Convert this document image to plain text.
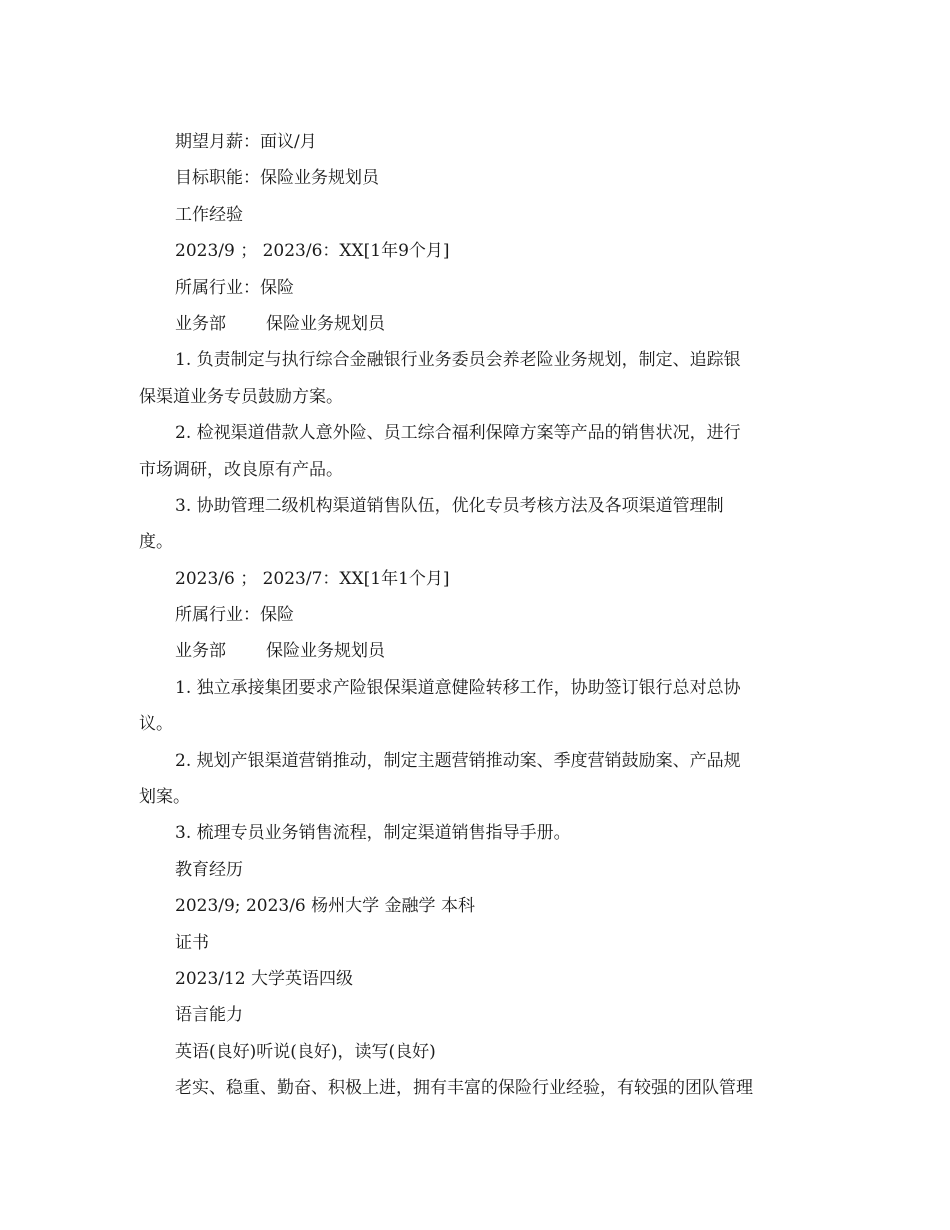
期望月薪：面议/月

目标职能：保险业务规划员

工作经验

2023/9 ； 2023/6：XX[1年9个月]

所属行业：保险

业务部 保险业务规划员

1. 负责制定与执行综合金融银行业务委员会养老险业务规划，制定、追踪银

保渠道业务专员鼓励方案。

2. 检视渠道借款人意外险、员工综合福利保障方案等产品的销售状况，进行

市场调研，改良原有产品。

3. 协助管理二级机构渠道销售队伍，优化专员考核方法及各项渠道管理制

度。

2023/6 ； 2023/7：XX[1年1个月]

所属行业：保险

业务部 保险业务规划员

1. 独立承接集团要求产险银保渠道意健险转移工作，协助签订银行总对总协

议。

2. 规划产银渠道营销推动，制定主题营销推动案、季度营销鼓励案、产品规

划案。

3. 梳理专员业务销售流程，制定渠道销售指导手册。

教育经历

2023/9; 2023/6 杨州大学 金融学 本科

证书

2023/12 大学英语四级

语言能力

英语(良好)听说(良好)，读写(良好)

老实、稳重、勤奋、积极上进，拥有丰富的保险行业经验，有较强的团队管理
